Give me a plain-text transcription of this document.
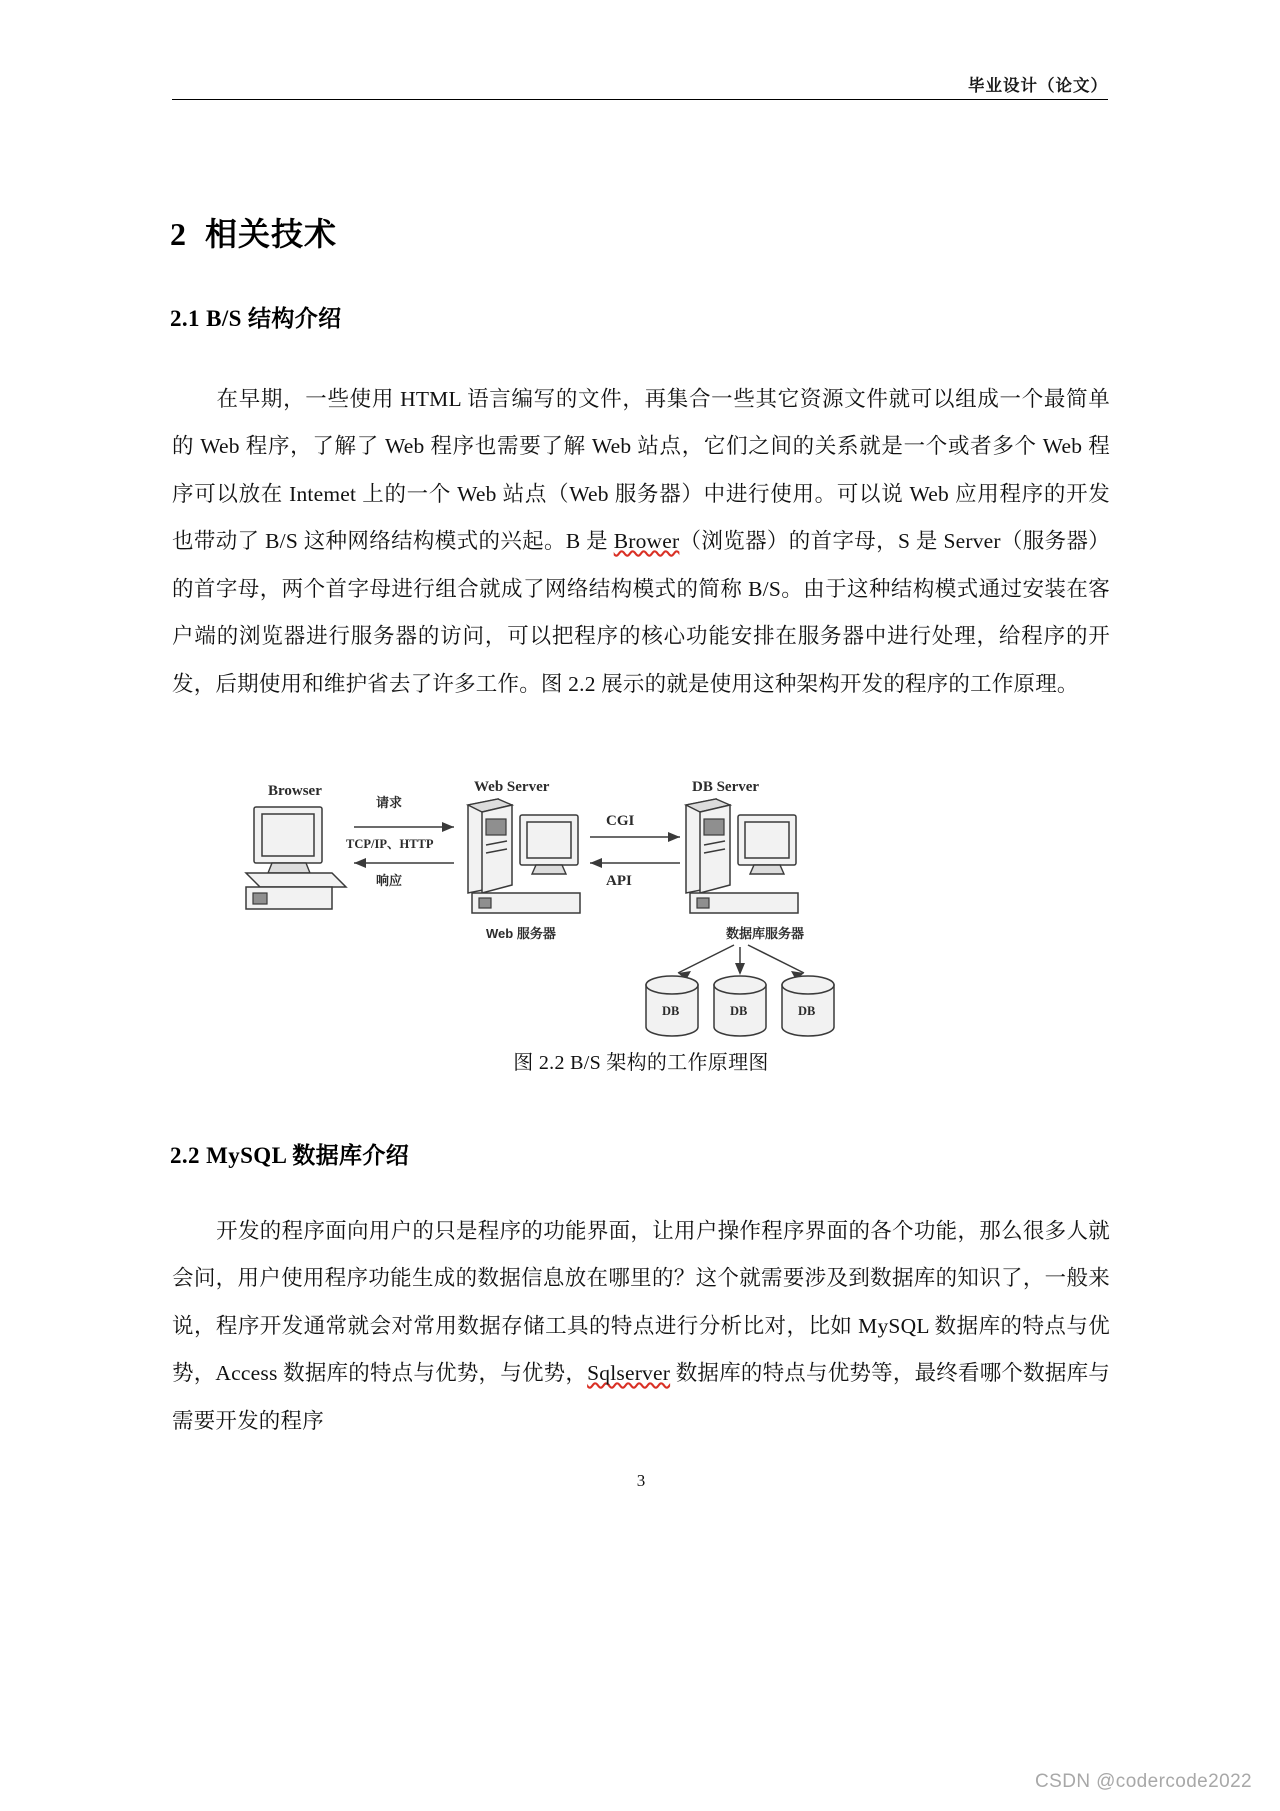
毕业设计（论文）
2  相关技术
2.1 B/S 结构介绍

在早期，一些使用 HTML 语言编写的文件，再集合一些其它资源文件就可以组成一个最简单的 Web 程序，了解了 Web 程序也需要了解 Web 站点，它们之间的关系就是一个或者多个 Web 程序可以放在 Intemet 上的一个 Web 站点（Web 服务器）中进行使用。可以说 Web 应用程序的开发也带动了 B/S 这种网络结构模式的兴起。B 是 Brower（浏览器）的首字母，S 是 Server（服务器）的首字母，两个首字母进行组合就成了网络结构模式的简称 B/S。由于这种结构模式通过安装在客户端的浏览器进行服务器的访问，可以把程序的核心功能安排在服务器中进行处理，给程序的开发，后期使用和维护省去了许多工作。图 2.2 展示的就是使用这种架构开发的程序的工作原理。

Browser
请求
TCP/IP、HTTP
响应
Web Server
Web 服务器
CGI
API
DB Server
数据库服务器
DB	DB	DB
图 2.2 B/S 架构的工作原理图
2.2 MySQL 数据库介绍

开发的程序面向用户的只是程序的功能界面，让用户操作程序界面的各个功能，那么很多人就会问，用户使用程序功能生成的数据信息放在哪里的？这个就需要涉及到数据库的知识了，一般来说，程序开发通常就会对常用数据存储工具的特点进行分析比对，比如 MySQL 数据库的特点与优势，Access 数据库的特点与优势，与优势，Sqlserver 数据库的特点与优势等，最终看哪个数据库与需要开发的程序

3
CSDN @codercode2022
